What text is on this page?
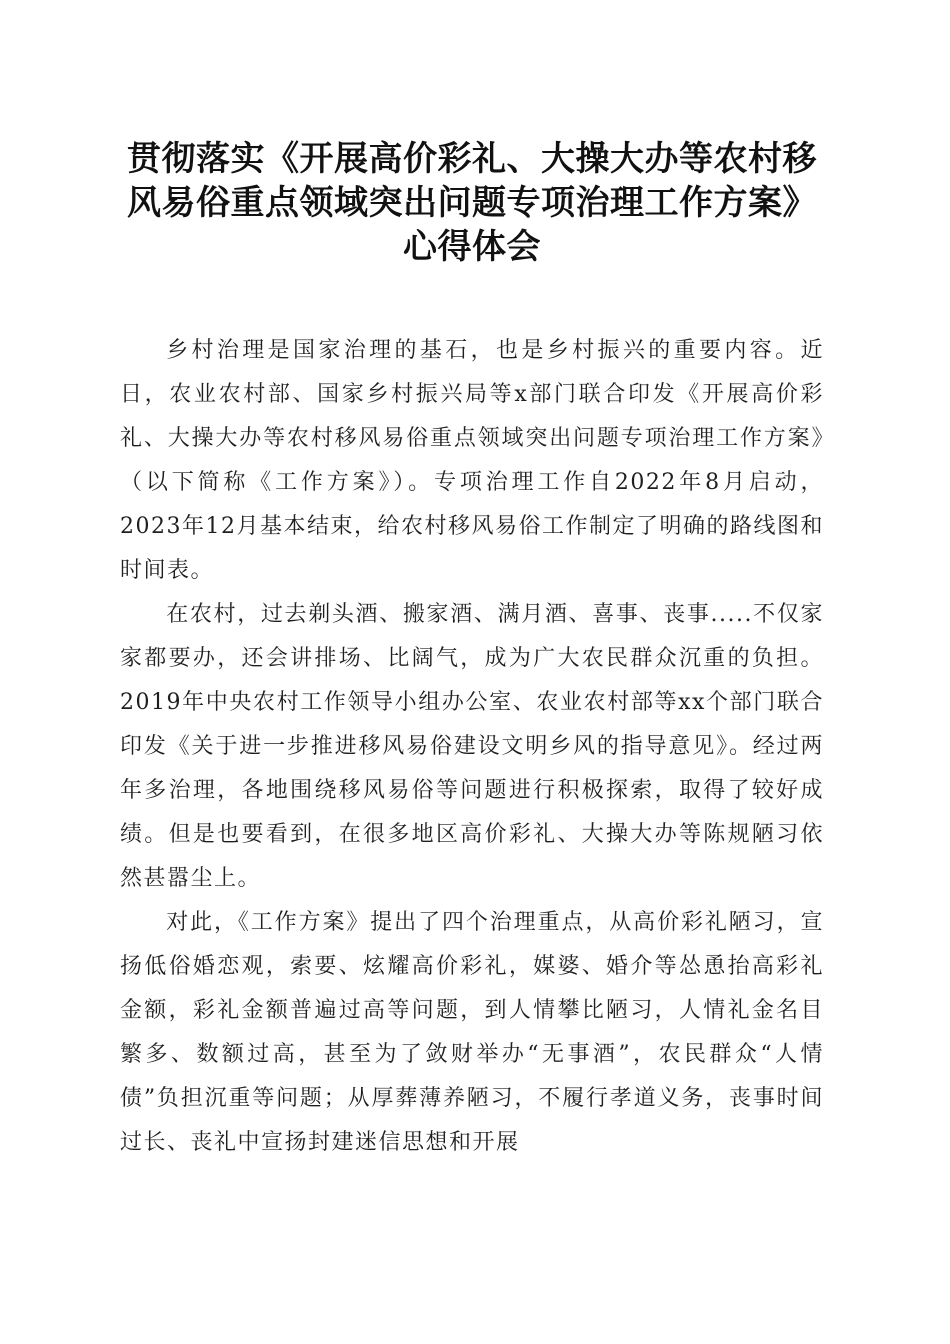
贯彻落实《开展高价彩礼、大操大办等农村移
风易俗重点领域突出问题专项治理工作方案》
心得体会

乡村治理是国家治理的基石，也是乡村振兴的重要内容。近日，农业农村部、国家乡村振兴局等x部门联合印发《开展高价彩礼、大操大办等农村移风易俗重点领域突出问题专项治理工作方案》（以下简称《工作方案》）。专项治理工作自2022年8月启动，2023年12月基本结束，给农村移风易俗工作制定了明确的路线图和时间表。

在农村，过去剃头酒、搬家酒、满月酒、喜事、丧事.....不仅家家都要办，还会讲排场、比阔气，成为广大农民群众沉重的负担。2019年中央农村工作领导小组办公室、农业农村部等xx个部门联合印发《关于进一步推进移风易俗建设文明乡风的指导意见》。经过两年多治理，各地围绕移风易俗等问题进行积极探索，取得了较好成绩。但是也要看到，在很多地区高价彩礼、大操大办等陈规陋习依然甚嚣尘上。

对此，《工作方案》提出了四个治理重点，从高价彩礼陋习，宣扬低俗婚恋观，索要、炫耀高价彩礼，媒婆、婚介等怂恿抬高彩礼金额，彩礼金额普遍过高等问题，到人情攀比陋习，人情礼金名目繁多、数额过高，甚至为了敛财举办“无事酒”，农民群众“人情债”负担沉重等问题；从厚葬薄养陋习，不履行孝道义务，丧事时间过长、丧礼中宣扬封建迷信思想和开展
